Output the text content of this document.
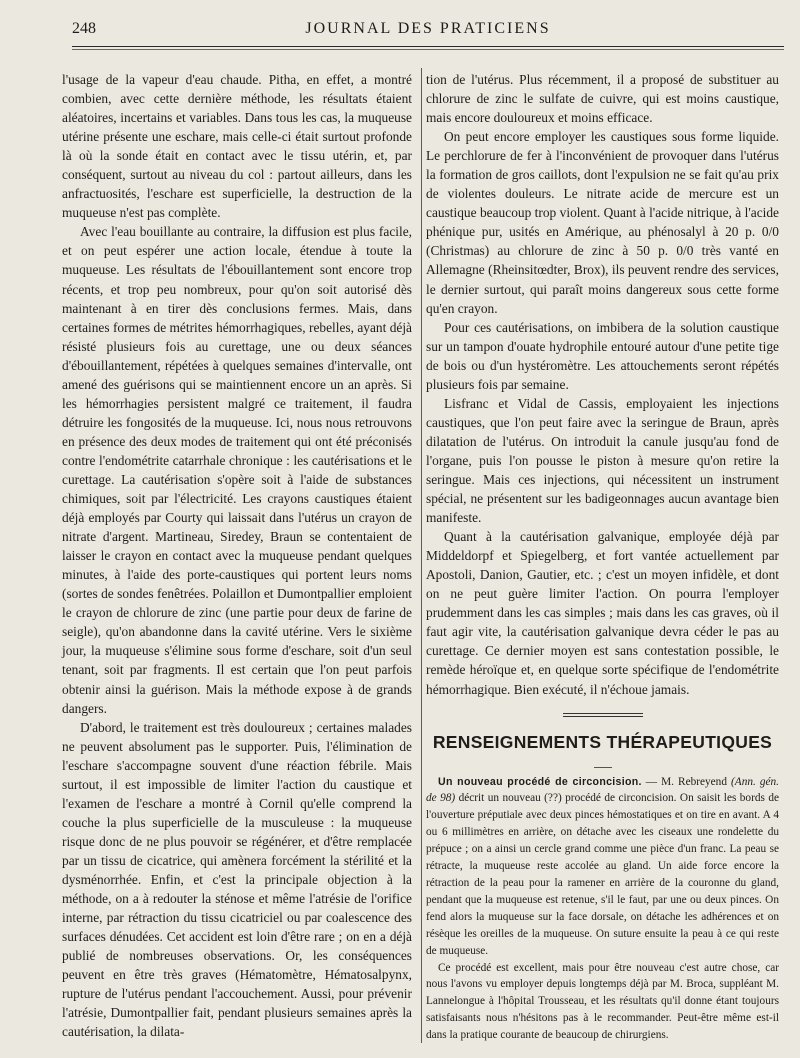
248	JOURNAL DES PRATICIENS

l'usage de la vapeur d'eau chaude. Pitha, en effet, a montré combien, avec cette dernière méthode, les résultats étaient aléatoires, incertains et variables. Dans tous les cas, la muqueuse utérine présente une eschare, mais celle-ci était surtout profonde là où la sonde était en contact avec le tissu utérin, et, par conséquent, surtout au niveau du col : partout ailleurs, dans les anfractuosités, l'eschare est superficielle, la destruction de la muqueuse n'est pas complète.

Avec l'eau bouillante au contraire, la diffusion est plus facile, et on peut espérer une action locale, étendue à toute la muqueuse. Les résultats de l'ébouillantement sont encore trop récents, et trop peu nombreux, pour qu'on soit autorisé dès maintenant à en tirer dès conclusions fermes. Mais, dans certaines formes de métrites hémorrhagiques, rebelles, ayant déjà résisté plusieurs fois au curettage, une ou deux séances d'ébouillantement, répétées à quelques semaines d'intervalle, ont amené des guérisons qui se maintiennent encore un an après. Si les hémorrhagies persistent malgré ce traitement, il faudra détruire les fongosités de la muqueuse. Ici, nous nous retrouvons en présence des deux modes de traitement qui ont été préconisés contre l'endométrite catarrhale chronique : les cautérisations et le curettage. La cautérisation s'opère soit à l'aide de substances chimiques, soit par l'électricité. Les crayons caustiques étaient déjà employés par Courty qui laissait dans l'utérus un crayon de nitrate d'argent. Martineau, Siredey, Braun se contentaient de laisser le crayon en contact avec la muqueuse pendant quelques minutes, à l'aide des porte-caustiques qui portent leurs noms (sortes de sondes fenêtrées. Polaillon et Dumontpallier emploient le crayon de chlorure de zinc (une partie pour deux de farine de seigle), qu'on abandonne dans la cavité utérine. Vers le sixième jour, la muqueuse s'élimine sous forme d'eschare, soit d'un seul tenant, soit par fragments. Il est certain que l'on peut parfois obtenir ainsi la guérison. Mais la méthode expose à de grands dangers.

D'abord, le traitement est très douloureux ; certaines malades ne peuvent absolument pas le supporter. Puis, l'élimination de l'eschare s'accompagne souvent d'une réaction fébrile. Mais surtout, il est impossible de limiter l'action du caustique et l'examen de l'eschare a montré à Cornil qu'elle comprend la couche la plus superficielle de la musculeuse : la muqueuse risque donc de ne plus pouvoir se régénérer, et d'être remplacée par un tissu de cicatrice, qui amènera forcément la stérilité et la dysménorrhée. Enfin, et c'est la principale objection à la méthode, on a à redouter la sténose et même l'atrésie de l'orifice interne, par rétraction du tissu cicatriciel ou par coalescence des surfaces dénudées. Cet accident est loin d'être rare ; on en a déjà publié de nombreuses observations. Or, les conséquences peuvent en être très graves (Hématomètre, Hématosalpynx, rupture de l'utérus pendant l'accouchement. Aussi, pour prévenir l'atrésie, Dumontpallier fait, pendant plusieurs semaines après la cautérisation, la dilata-

tion de l'utérus. Plus récemment, il a proposé de substituer au chlorure de zinc le sulfate de cuivre, qui est moins caustique, mais encore douloureux et moins efficace.

On peut encore employer les caustiques sous forme liquide. Le perchlorure de fer à l'inconvénient de provoquer dans l'utérus la formation de gros caillots, dont l'expulsion ne se fait qu'au prix de violentes douleurs. Le nitrate acide de mercure est un caustique beaucoup trop violent. Quant à l'acide nitrique, à l'acide phénique pur, usités en Amérique, au phénosalyl à 20 p. 0/0 (Christmas) au chlorure de zinc à 50 p. 0/0 très vanté en Allemagne (Rheinsitœdter, Brox), ils peuvent rendre des services, le dernier surtout, qui paraît moins dangereux sous cette forme qu'en crayon.

Pour ces cautérisations, on imbibera de la solution caustique sur un tampon d'ouate hydrophile entouré autour d'une petite tige de bois ou d'un hystéromètre. Les attouchements seront répétés plusieurs fois par semaine.

Lisfranc et Vidal de Cassis, employaient les injections caustiques, que l'on peut faire avec la seringue de Braun, après dilatation de l'utérus. On introduit la canule jusqu'au fond de l'organe, puis l'on pousse le piston à mesure qu'on retire la seringue. Mais ces injections, qui nécessitent un instrument spécial, ne présentent sur les badigeonnages aucun avantage bien manifeste.

Quant à la cautérisation galvanique, employée déjà par Middeldorpf et Spiegelberg, et fort vantée actuellement par Apostoli, Danion, Gautier, etc. ; c'est un moyen infidèle, et dont on ne peut guère limiter l'action. On pourra l'employer prudemment dans les cas simples ; mais dans les cas graves, où il faut agir vite, la cautérisation galvanique devra céder le pas au curettage. Ce dernier moyen est sans contestation possible, le remède héroïque et, en quelque sorte spécifique de l'endométrite hémorrhagique. Bien exécuté, il n'échoue jamais.

RENSEIGNEMENTS THÉRAPEUTIQUES

Un nouveau procédé de circoncision. — M. Rebreyend (Ann. gén. de 98) décrit un nouveau (??) procédé de circoncision. On saisit les bords de l'ouverture préputiale avec deux pinces hémostatiques et on tire en avant. A 4 ou 6 millimètres en arrière, on détache avec les ciseaux une rondelette du prépuce ; on a ainsi un cercle grand comme une pièce d'un franc. La peau se rétracte, la muqueuse reste accolée au gland. Un aide force encore la rétraction de la peau pour la ramener en arrière de la couronne du gland, pendant que la muqueuse est retenue, s'il le faut, par une ou deux pinces. On fend alors la muqueuse sur la face dorsale, on détache les adhérences et on résèque les oreilles de la muqueuse. On suture ensuite la peau à ce qui reste de muqueuse.

Ce procédé est excellent, mais pour être nouveau c'est autre chose, car nous l'avons vu employer depuis longtemps déjà par M. Broca, suppléant M. Lannelongue à l'hôpital Trousseau, et les résultats qu'il donne étant toujours satisfaisants nous n'hésitons pas à le recommander. Peut-être même est-il dans la pratique courante de beaucoup de chirurgiens.
